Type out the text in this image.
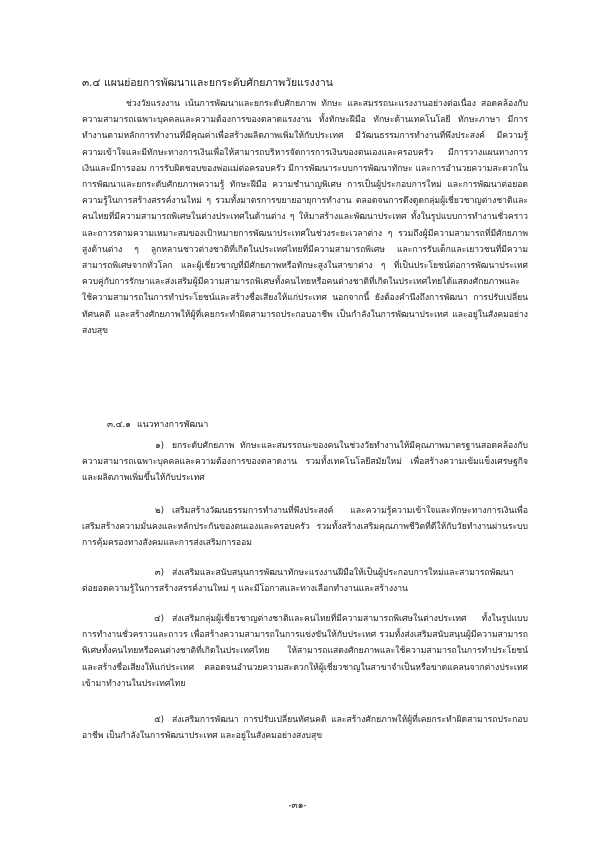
๓.๔ แผนย่อยการพัฒนาและยกระดับศักยภาพวัยแรงงาน
ช่วงวัยแรงงาน เน้นการพัฒนาและยกระดับศักยภาพ ทักษะ และสมรรถนะแรงงานอย่างต่อเนื่อง สอดคล้องกับความสามารถเฉพาะบุคคลและความต้องการของตลาดแรงงาน ทั้งทักษะฝีมือ ทักษะด้านเทคโนโลยี ทักษะภาษา มีการทำงานตามหลักการทำงานที่มีคุณค่าเพื่อสร้างผลิตภาพเพิ่มให้กับประเทศ มีวัฒนธรรมการทำงานที่พึงประสงค์ มีความรู้ความเข้าใจและมีทักษะทางการเงินเพื่อให้สามารถบริหารจัดการการเงินของตนเองและครอบครัว มีการวางแผนทางการเงินและมีการออม การรับผิดชอบของพ่อแม่ต่อครอบครัว มีการพัฒนาระบบการพัฒนาทักษะ และการอำนวยความสะดวกในการพัฒนาและยกระดับศักยภาพความรู้ ทักษะฝีมือ ความชำนาญพิเศษ การเป็นผู้ประกอบการใหม่ และการพัฒนาต่อยอดความรู้ในการสร้างสรรค์งานใหม่ ๆ รวมทั้งมาตรการขยายอายุการทำงาน ตลอดจนการดึงดูดกลุ่มผู้เชี่ยวชาญต่างชาติและคนไทยที่มีความสามารถพิเศษในต่างประเทศในด้านต่าง ๆ ให้มาสร้างและพัฒนาประเทศ ทั้งในรูปแบบการทำงานชั่วคราวและถาวรตามความเหมาะสมของเป้าหมายการพัฒนาประเทศในช่วงระยะเวลาต่าง ๆ รวมถึงผู้มีความสามารถที่มีศักยภาพสูงด้านต่าง ๆ ลูกหลานชาวต่างชาติที่เกิดในประเทศไทยที่มีความสามารถพิเศษ และการรับเด็กและเยาวชนที่มีความสามารถพิเศษจากทั่วโลก และผู้เชี่ยวชาญที่มีศักยภาพหรือทักษะสูงในสาขาต่าง ๆ ที่เป็นประโยชน์ต่อการพัฒนาประเทศ ควบคู่กับการรักษาและส่งเสริมผู้มีความสามารถพิเศษทั้งคนไทยหรือคนต่างชาติที่เกิดในประเทศไทยได้แสดงศักยภาพและใช้ความสามารถในการทำประโยชน์และสร้างชื่อเสียงให้แก่ประเทศ นอกจากนี้ ยังต้องคำนึงถึงการพัฒนา การปรับเปลี่ยนทัศนคติ และสร้างศักยภาพให้ผู้ที่เคยกระทำผิดสามารถประกอบอาชีพ เป็นกำลังในการพัฒนาประเทศ และอยู่ในสังคมอย่างสงบสุข
๓.๔.๑ แนวทางการพัฒนา
๑) ยกระดับศักยภาพ ทักษะและสมรรถนะของคนในช่วงวัยทำงานให้มีคุณภาพมาตรฐานสอดคล้องกับความสามารถเฉพาะบุคคลและความต้องการของตลาดงาน รวมทั้งเทคโนโลยีสมัยใหม่ เพื่อสร้างความเข้มแข็งเศรษฐกิจและผลิตภาพเพิ่มขึ้นให้กับประเทศ
๒) เสริมสร้างวัฒนธรรมการทำงานที่พึงประสงค์ และความรู้ความเข้าใจและทักษะทางการเงินเพื่อเสริมสร้างความมั่นคงและหลักประกันของตนเองและครอบครัว รวมทั้งสร้างเสริมคุณภาพชีวิตที่ดีให้กับวัยทำงานผ่านระบบการคุ้มครองทางสังคมและการส่งเสริมการออม
๓) ส่งเสริมและสนับสนุนการพัฒนาทักษะแรงงานฝีมือให้เป็นผู้ประกอบการใหม่และสามารถพัฒนาต่อยอดความรู้ในการสร้างสรรค์งานใหม่ ๆ และมีโอกาสและทางเลือกทำงานและสร้างงาน
๔) ส่งเสริมกลุ่มผู้เชี่ยวชาญต่างชาติและคนไทยที่มีความสามารถพิเศษในต่างประเทศ ทั้งในรูปแบบการทำงานชั่วคราวและถาวร เพื่อสร้างความสามารถในการแข่งขันให้กับประเทศ รวมทั้งส่งเสริมสนับสนุนผู้มีความสามารถพิเศษทั้งคนไทยหรือคนต่างชาติที่เกิดในประเทศไทย ให้สามารถแสดงศักยภาพและใช้ความสามารถในการทำประโยชน์และสร้างชื่อเสียงให้แก่ประเทศ ตลอดจนอำนวยความสะดวกให้ผู้เชี่ยวชาญในสาขาจำเป็นหรือขาดแคลนจากต่างประเทศเข้ามาทำงานในประเทศไทย
๕) ส่งเสริมการพัฒนา การปรับเปลี่ยนทัศนคติ และสร้างศักยภาพให้ผู้ที่เคยกระทำผิดสามารถประกอบอาชีพ เป็นกำลังในการพัฒนาประเทศ และอยู่ในสังคมอย่างสงบสุข
-๓๑-
